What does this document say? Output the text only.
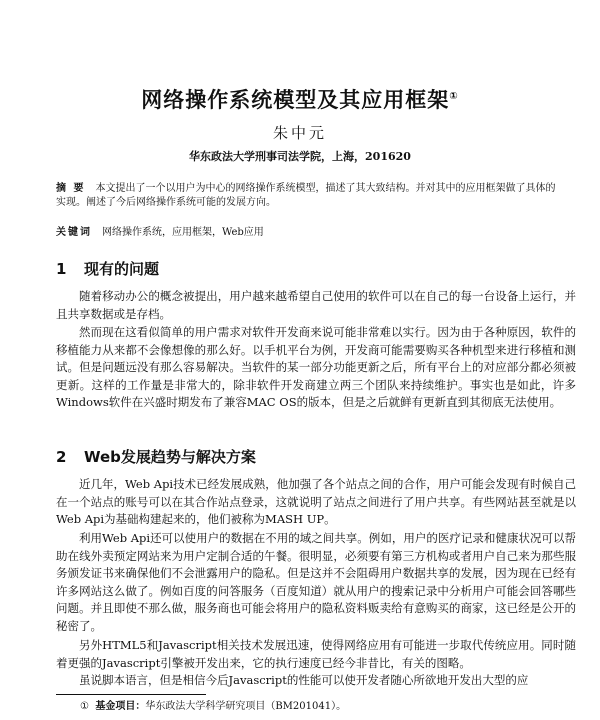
网络操作系统模型及其应用框架①
朱中元
华东政法大学刑事司法学院，上海，201620
摘 要 本文提出了一个以用户为中心的网络操作系统模型，描述了其大致结构。并对其中的应用框架做了具体的实现。阐述了今后网络操作系统可能的发展方向。
关键词 网络操作系统，应用框架，Web应用
1 现有的问题
随着移动办公的概念被提出，用户越来越希望自己使用的软件可以在自己的每一台设备上运行，并且共享数据或是存档。
然而现在这看似简单的用户需求对软件开发商来说可能非常难以实行。因为由于各种原因，软件的移植能力从来都不会像想像的那么好。以手机平台为例，开发商可能需要购买各种机型来进行移植和测试。但是问题远没有那么容易解决。当软件的某一部分功能更新之后，所有平台上的对应部分都必须被更新。这样的工作量是非常大的，除非软件开发商建立两三个团队来持续维护。事实也是如此，许多Windows软件在兴盛时期发布了兼容MAC OS的版本，但是之后就鲜有更新直到其彻底无法使用。
2 Web发展趋势与解决方案
近几年，Web Api技术已经发展成熟，他加强了各个站点之间的合作，用户可能会发现有时候自己在一个站点的账号可以在其合作站点登录，这就说明了站点之间进行了用户共享。有些网站甚至就是以Web Api为基础构建起来的，他们被称为MASH UP。
利用Web Api还可以使用户的数据在不用的域之间共享。例如，用户的医疗记录和健康状况可以帮助在线外卖预定网站来为用户定制合适的午餐。很明显，必须要有第三方机构或者用户自己来为那些服务颁发证书来确保他们不会泄露用户的隐私。但是这并不会阻碍用户数据共享的发展，因为现在已经有许多网站这么做了。例如百度的问答服务（百度知道）就从用户的搜索记录中分析用户可能会回答哪些问题。并且即使不那么做，服务商也可能会将用户的隐私资料贩卖给有意购买的商家，这已经是公开的秘密了。
另外HTML5和Javascript相关技术发展迅速，使得网络应用有可能进一步取代传统应用。同时随着更强的Javascript引擎被开发出来，它的执行速度已经今非昔比，有关的图略。
虽说脚本语言，但是相信今后Javascript的性能可以使开发者随心所欲地开发出大型的应
① 基金项目：华东政法大学科学研究项目（BM201041）。
